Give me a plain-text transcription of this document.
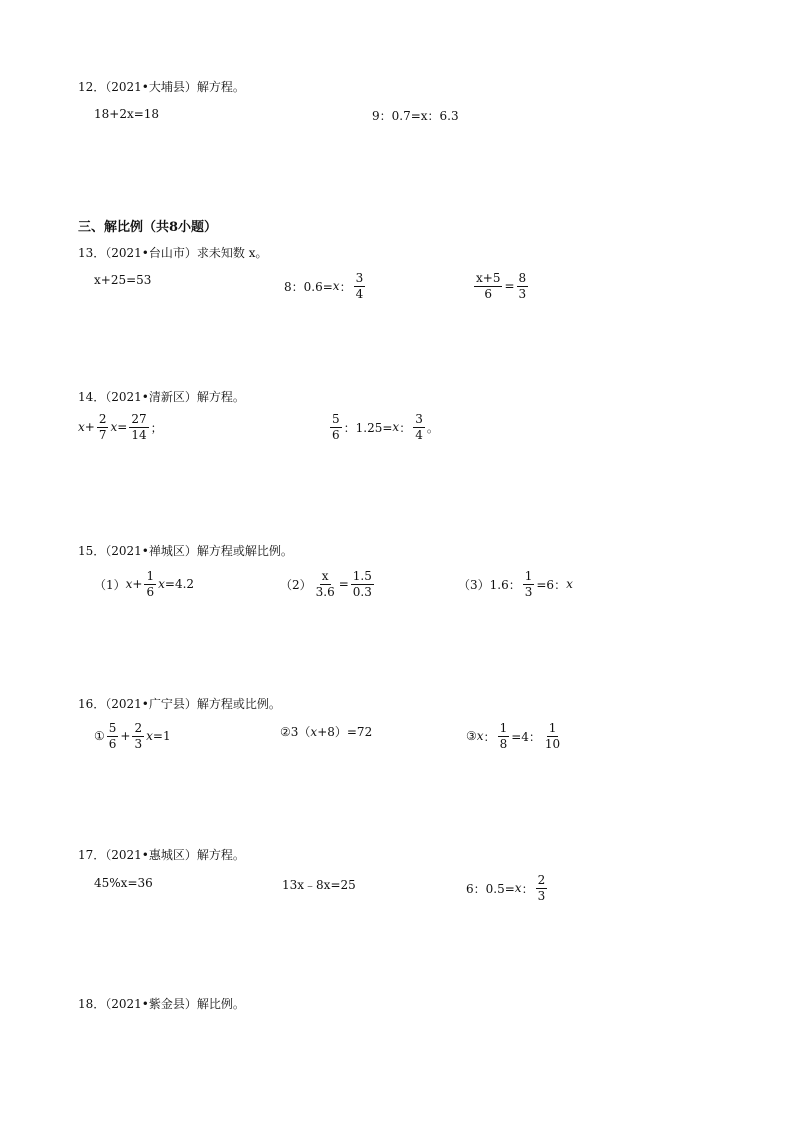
12．（2021•大埔县）解方程。
18+2x=18	9：0.7=x：6.3
三、解比例（共8小题）
13．（2021•台山市）求未知数 x。
x+25=53	8：0.6= x ： $\frac{3}{4}$	$\frac{x+5}{6} = \frac{8}{3}$
14．（2021•清新区）解方程。
$x + \frac{2}{7}$ $x = \frac{27}{14}$ ；	$\frac{5}{6}$ ：1.25= x ： $\frac{3}{4}$ 。
15．（2021•禅城区）解方程或解比例。
（1） $x + \frac{1}{6}$ x =4.2	$(2) \frac{x}{3.6} = \frac{1.5}{0.3}$	（3）1.6： $\frac{1}{3} =6$： x
16．（2021•广宁县）解方程或比例。
① $\frac{5}{6} + \frac{2}{3}$ x =1	②3（ x +8）=72	③ x ： $\frac{1}{8} =4$： $\frac{1}{10}$
17．（2021•惠城区）解方程。
45%x=36	13x﹣8x=25	6：0.5= x ： $\frac{2}{3}$
18．（2021•紫金县）解比例。
